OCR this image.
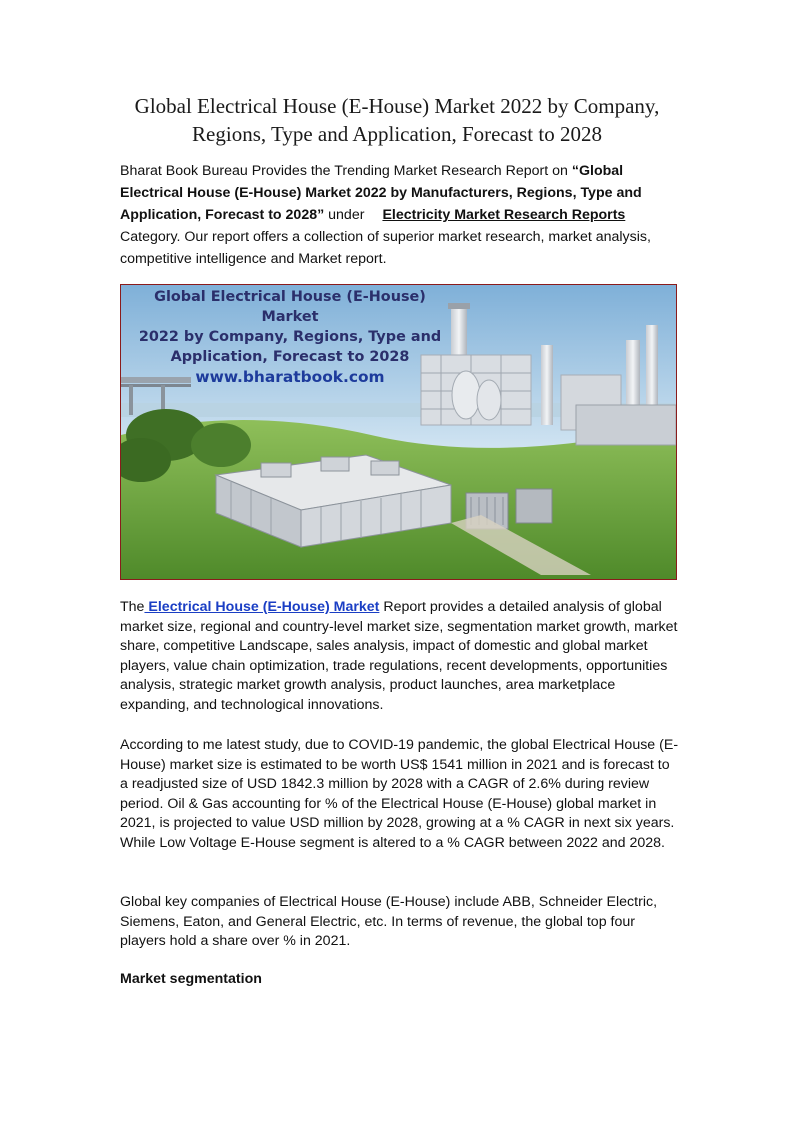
Global Electrical House (E-House) Market 2022 by Company,
Regions, Type and Application, Forecast to 2028

Bharat Book Bureau Provides the Trending Market Research Report on “Global Electrical House (E-House) Market 2022 by Manufacturers, Regions, Type and Application, Forecast to 2028” under Electricity Market Research Reports Category. Our report offers a collection of superior market research, market analysis, competitive intelligence and Market report.

Global Electrical House (E-House) Market
2022 by Company, Regions, Type and
Application, Forecast to 2028
www.bharatbook.com

The Electrical House (E-House) Market Report provides a detailed analysis of global market size, regional and country-level market size, segmentation market growth, market share, competitive Landscape, sales analysis, impact of domestic and global market players, value chain optimization, trade regulations, recent developments, opportunities analysis, strategic market growth analysis, product launches, area marketplace expanding, and technological innovations.

According to me latest study, due to COVID-19 pandemic, the global Electrical House (E-House) market size is estimated to be worth US$ 1541 million in 2021 and is forecast to a readjusted size of USD 1842.3 million by 2028 with a CAGR of 2.6% during review period. Oil & Gas accounting for % of the Electrical House (E-House) global market in 2021, is projected to value USD million by 2028, growing at a % CAGR in next six years. While Low Voltage E-House segment is altered to a % CAGR between 2022 and 2028.

Global key companies of Electrical House (E-House) include ABB, Schneider Electric, Siemens, Eaton, and General Electric, etc. In terms of revenue, the global top four players hold a share over % in 2021.

Market segmentation
